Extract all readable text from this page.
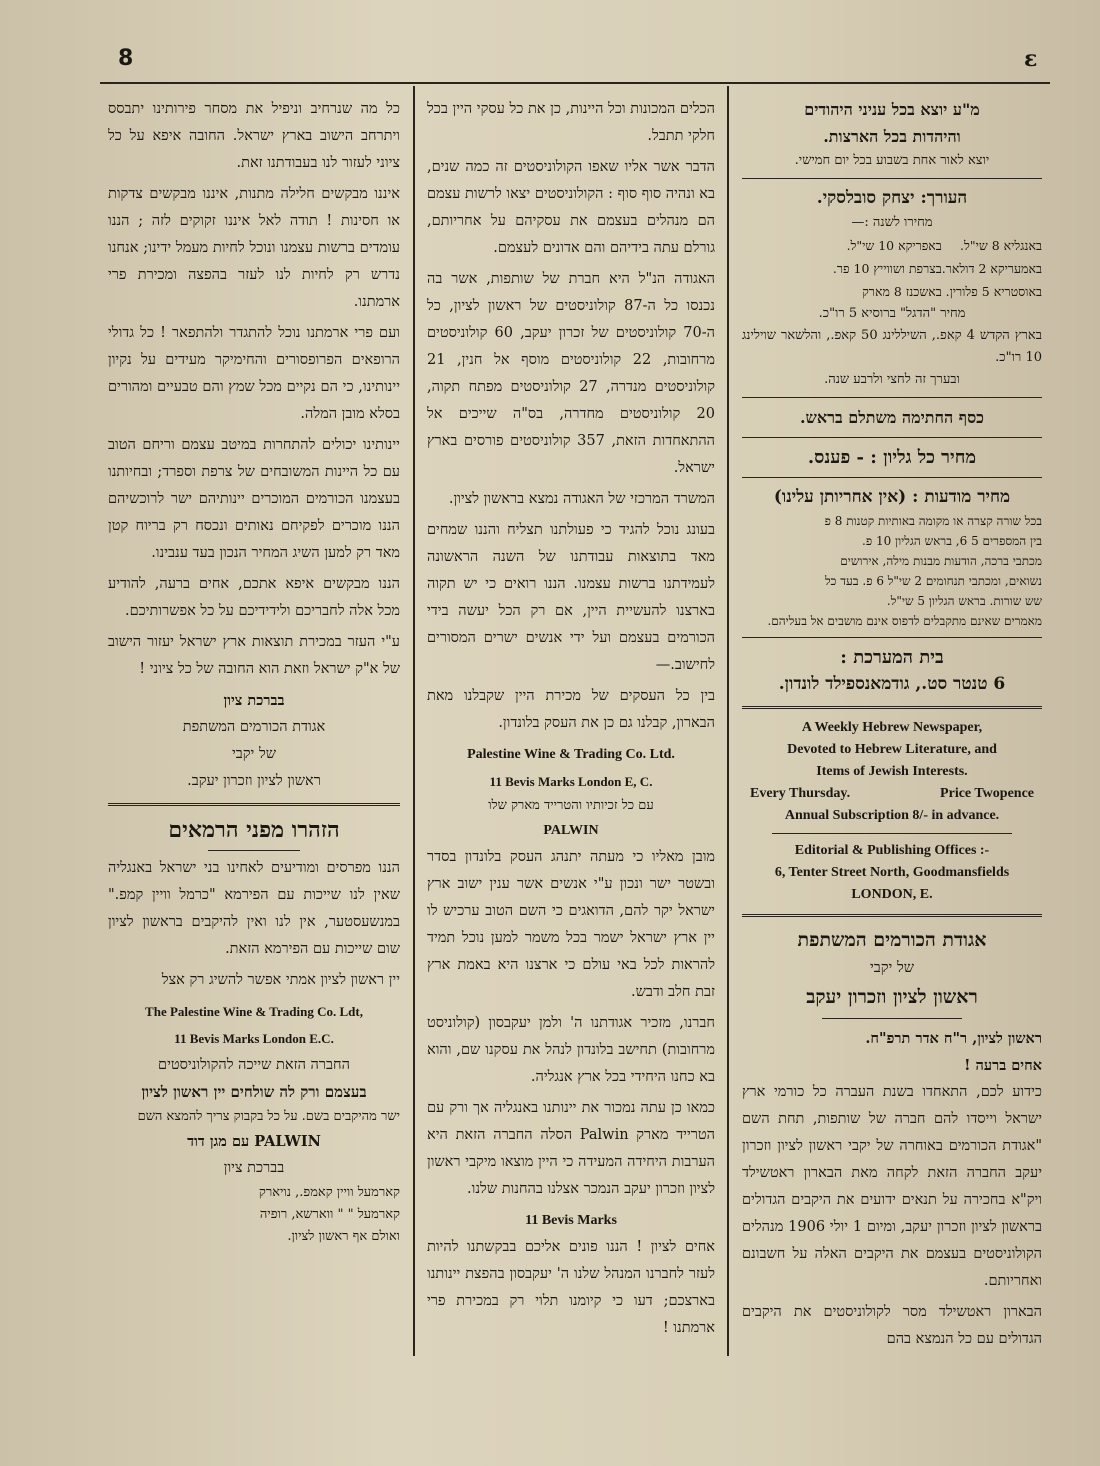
8	ε
מ"ע יוצא בכל עניני היהודים
והיהדות בכל הארצות.
יוצא לאור אחת בשבוע בכל יום חמישי.
העורך: יצחק סובלסקי.
מחירו לשנה :—
באנגליא 8 שי"ל.
באפריקא 10 שי"ל.
באמעריקא 2 דולאר.
בצרפת ושווייץ 10 פר.
באוסטריא 5 פלורין.
באשכנז 8 מארק
מחיר "הדגל" ברוסיא 5 רו"כ.
בארץ הקדש 4 קאפ., השיללינג 50 קאפ., והלשאר שוילינג 10 רו"כ.
ובערך זה לחצי ולרבע שנה.
כסף החתימה משתלם בראש.
מחיר כל גליון : - פענס.
מחיר מודעות : (אין אחריותן עלינו)
בכל שורה קצרה או מקומה באותיות קטנות 8 פ
בין המספרים 5 6, בראש הגליון 10 פ.
מכתבי ברכה, הודעות מבנות מילה, אירושים
נשואים, ומכתבי תנחומים 2 שי"ל 6 פ. בעד כל
שש שורות. בראש הגליון 5 שי"ל.
מאמרים שאינם מתקבלים לדפוס אינם מושבים אל בעליהם.
בית המערכת :
6 טנטר סט., גודמאנספילד לונדון.
A Weekly Hebrew Newspaper,
Devoted to Hebrew Literature, and
Items of Jewish Interests.
Every Thursday.	Price Twopence
Annual Subscription 8/- in advance.
Editorial & Publishing Offices :-
6, Tenter Street North, Goodmansfields
LONDON, E.
אגודת הכורמים המשתפת
של יקבי
ראשון לציון וזכרון יעקב
ראשון לציון, ר"ח אדר תרפ"ח.
אחים ברעה !

כידוע לכם, התאחדו בשנת העברה כל כורמי ארץ ישראל וייסדו להם חברה של שותפות, תחת השם "אגודת הכורמים באוחרה של יקבי ראשון לציון וזכרון יעקב החברה הזאת לקחה מאת הבארון ראטשילד ויק"א בחכירה על תנאים ידועים את היקבים הגדולים בראשון לציון וזכרון יעקב, ומיום 1 יולי 1906 מנהלים הקולוניסטים בעצמם את היקבים האלה על חשבונם ואחריותם.

הבארון ראטשילד מסר לקולוניסטים את היקבים הגדולים עם כל הנמצא בהם

הכלים המכונות וכל היינות, כן את כל עסקי היין בכל חלקי תתבל.

הדבר אשר אליו שאפו הקולוניסטים זה כמה שנים, בא ונהיה סוף סוף : הקולוניסטים יצאו לרשות עצמם הם מנהלים בעצמם את עסקיהם על אחריותם, גורלם עתה בידיהם והם אדונים לעצמם.

האגודה הנ"ל היא חברת של שותפות, אשר בה נכנסו כל ה-87 קולוניסטים של ראשון לציון, כל ה-70 קולוניסטים של זכרון יעקב, 60 קולוניסטים מרחובות, 22 קולוניסטים מוסף אל חנין, 21 קולוניסטים מנדרה, 27 קולוניסטים מפתח תקוה, 20 קולוניסטים מחדרה, בס"ה שייכים אל ההתאחדות הזאת, 357 קולוניסטים פורסים בארץ ישראל.

המשרד המרכזי של האגודה נמצא בראשון לציון.

בעונג נוכל להגיד כי פעולתנו תצליח והננו שמחים מאד בתוצאות עבודתנו של השנה הראשונה לעמידתנו ברשות עצמנו. הננו רואים כי יש תקוה בארצנו להעשיית היין, אם רק הכל יעשה בידי הכורמים בעצמם ועל ידי אנשים ישרים המסורים לחישוב.—

בין כל העסקים של מכירת היין שקבלנו מאת הבארון, קבלנו גם כן את העסק בלונדון.

Palestine Wine & Trading Co. Ltd.
11 Bevis Marks London E, C.
עם כל זכיותיו והטרייד מארק שלו
PALWIN

מובן מאליו כי מעתה יתנהג העסק בלונדון בסדר ובשטר ישר ונכון ע"י אנשים אשר ענין ישוב ארץ ישראל יקר להם, הדואגים כי השם הטוב ערכיש לו יין ארץ ישראל ישמר בכל משמר למען נוכל תמיד להראות לכל באי עולם כי ארצנו היא באמת ארץ זבת חלב ודבש.

חברנו, מזכיר אגודתנו ה' ולמן יעקבסון (קולוניסט מרחובות) תחישב בלונדון לנהל את עסקנו שם, והוא בא כחנו היחידי בכל ארץ אנגליה.

כמאו כן עתה נמכור את יינותנו באנגליה אך ורק עם הטרייד מארק Palwin הסלה החברה הזאת היא הערבות היחידה המעידה כי היין מוצאו מיקבי ראשון לציון וזכרון יעקב הנמכר אצלנו בהחנות שלנו.

11 Bevis Marks

אחים לציון ! הננו פונים אליכם בבקשתנו להיות לעזר לחברנו המנהל שלנו ה' יעקבסון בהפצת יינותנו בארצכם; דעו כי קיומנו תלוי רק במכירת פרי ארמתנו !

כל מה שנרחיב וניפיל את מסחר פירותינו יתבסס ויתרחב הישוב בארץ ישראל. החובה איפא על כל ציוני לעזור לנו בעבודתנו זאת.

איננו מבקשים חלילה מתנות, איננו מבקשים צדקות או חסינות ! תודה לאל איננו זקוקים לזה ; הננו עומדים ברשות עצמנו ונוכל לחיות מעמל ידינו; אנחנו נדרש רק לחיות לנו לעזר בהפצה ומכירת פרי ארמתנו.

ועם פרי ארמתנו נוכל להתגדר ולהתפאר ! כל גדולי הרופאים הפרופסורים והחימיקר מעידים על נקיון יינותינו, כי הם נקיים מכל שמץ והם טבעיים ומהורים בסלא מובן המלה.

יינותינו יכולים להתחרות במיטב עצמם וריחם הטוב עם כל היינות המשובחים של צרפת וספרד; ובחיותנו בעצמנו הכורמים המוכרים יינותיהם ישר לרוכשיהם הננו מוכרים לפקיחם נאותים ונכסח רק בריוח קטן מאד רק למען השיג המחיר הנכון בעד ענבינו.

הננו מבקשים איפא אתכם, אחים ברעה, להודיע מכל אלה לחבריכם ולידידיכם על כל אפשרותיכם.

ע"י העזר במכירת תוצאות ארץ ישראל יעזור הישוב של א"ק ישראל וזאת הוא החובה של כל ציוני !

בברכת ציון
אגודת הכורמים המשתפת
של יקבי
ראשון לציון וזכרון יעקב.
הזהרו מפני הרמאים

הננו מפרסים ומודיעים לאחינו בני ישראל באנגליה שאין לנו שייכות עם הפירמא "כרמל וויין קמפ." במנשעסטער, אין לנו ואין להיקבים בראשון לציון שום שייכות עם הפירמא הזאת.

יין ראשון לציון אמתי אפשר להשיג רק אצל

The Palestine Wine & Trading Co. Ldt,
11 Bevis Marks London E.C.
החברה הזאת שייכה להקולוניסטים
בעצמם ורק לה שולחים יין ראשון לציון
ישר מהיקבים בשם. על כל בקבוק צריך להמצא השם
PALWIN עם מגן דוד
בברכת ציון
קארמעל וויין קאמפ., נויארק
קארמעל " " ווארשא, רופיה
ואולם אף ראשון לציון.
